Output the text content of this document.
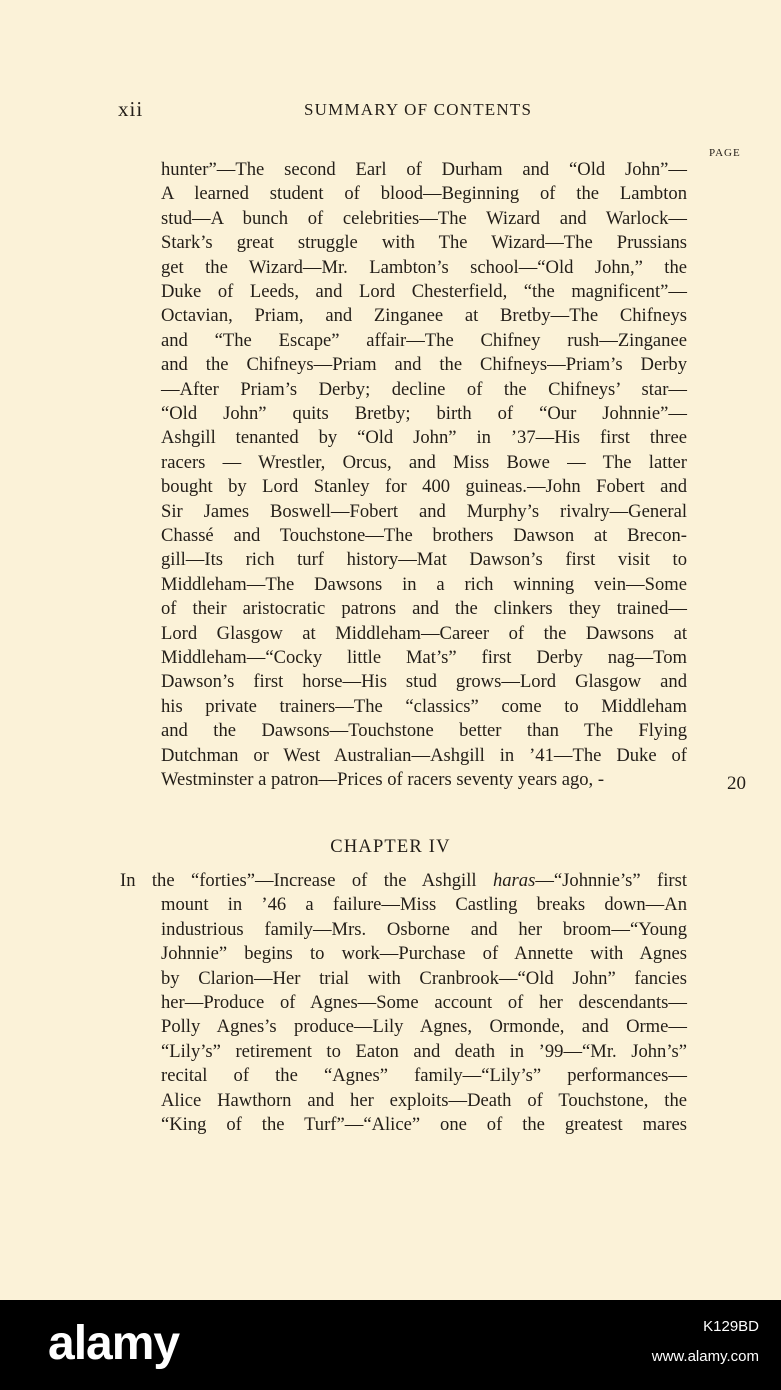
xii	SUMMARY OF CONTENTS
PAGE
hunter”—The second Earl of Durham and “Old John”—
A learned student of blood—Beginning of the Lambton
stud—A bunch of celebrities—The Wizard and Warlock—
Stark’s great struggle with The Wizard—The Prussians
get the Wizard—Mr. Lambton’s school—“Old John,” the
Duke of Leeds, and Lord Chesterfield, “the magnificent”—
Octavian, Priam, and Zinganee at Bretby—The Chifneys
and “The Escape” affair—The Chifney rush—Zinganee
and the Chifneys—Priam and the Chifneys—Priam’s Derby
—After Priam’s Derby; decline of the Chifneys’ star—
“Old John” quits Bretby; birth of “Our Johnnie”—
Ashgill tenanted by “Old John” in ’37—His first three
racers — Wrestler, Orcus, and Miss Bowe — The latter
bought by Lord Stanley for 400 guineas.—John Fobert and
Sir James Boswell—Fobert and Murphy’s rivalry—General
Chassé and Touchstone—The brothers Dawson at Brecon-
gill—Its rich turf history—Mat Dawson’s first visit to
Middleham—The Dawsons in a rich winning vein—Some
of their aristocratic patrons and the clinkers they trained—
Lord Glasgow at Middleham—Career of the Dawsons at
Middleham—“Cocky little Mat’s” first Derby nag—Tom
Dawson’s first horse—His stud grows—Lord Glasgow and
his private trainers—The “classics” come to Middleham
and the Dawsons—Touchstone better than The Flying
Dutchman or West Australian—Ashgill in ’41—The Duke of
Westminster a patron—Prices of racers seventy years ago, -	20
CHAPTER IV
In the “forties”—Increase of the Ashgill haras—“Johnnie’s” first
mount in ’46 a failure—Miss Castling breaks down—An
industrious family—Mrs. Osborne and her broom—“Young
Johnnie” begins to work—Purchase of Annette with Agnes
by Clarion—Her trial with Cranbrook—“Old John” fancies
her—Produce of Agnes—Some account of her descendants—
Polly Agnes’s produce—Lily Agnes, Ormonde, and Orme—
“Lily’s” retirement to Eaton and death in ’99—“Mr. John’s”
recital of the “Agnes” family—“Lily’s” performances—
Alice Hawthorn and her exploits—Death of Touchstone, the
“King of the Turf”—“Alice” one of the greatest mares
alamy	K129BD
www.alamy.com
